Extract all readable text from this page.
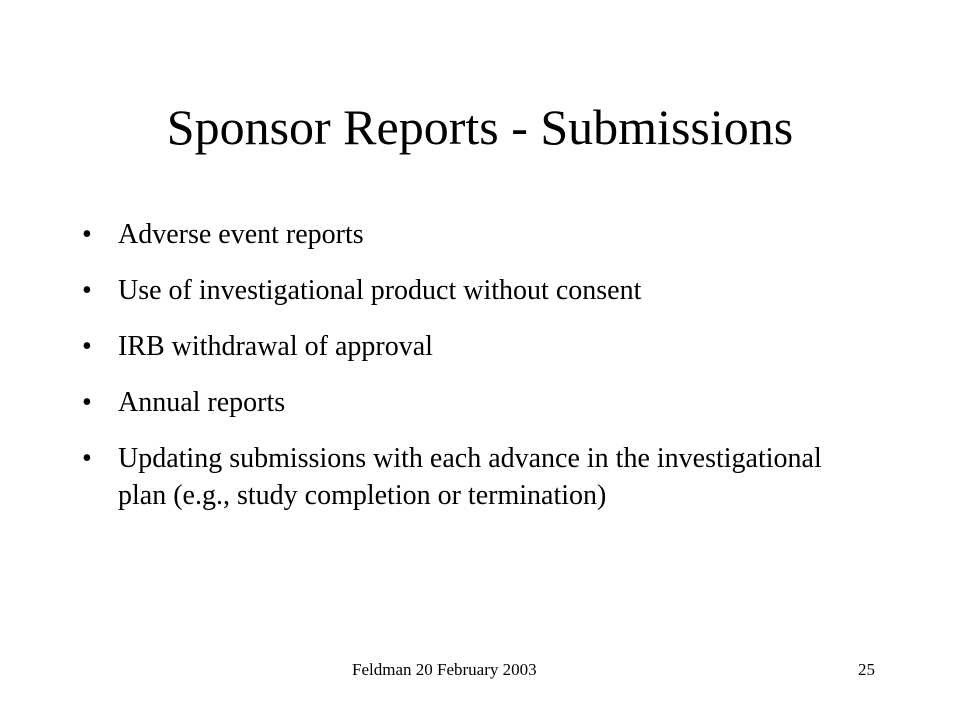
Sponsor Reports - Submissions
• Adverse event reports
• Use of investigational product without consent
• IRB withdrawal of approval
• Annual reports
• Updating submissions with each advance in the investigational plan (e.g., study completion or termination)
Feldman 20 February 2003	25
